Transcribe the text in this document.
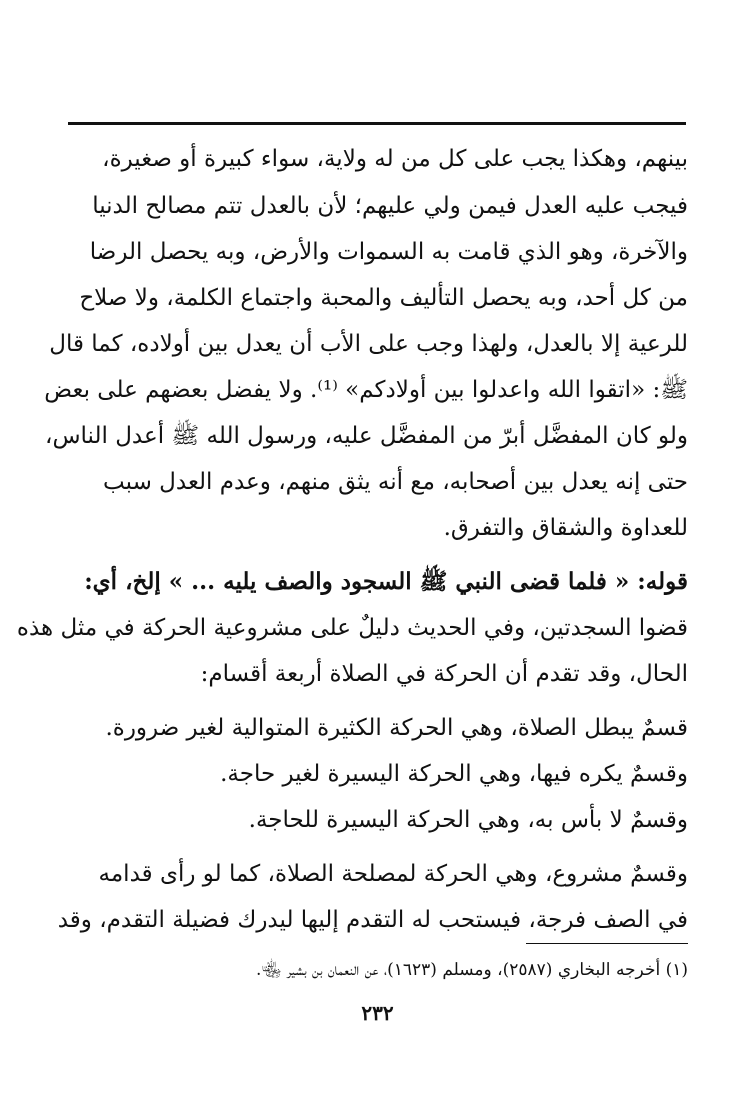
بينهم، وهكذا يجب على كل من له ولاية، سواء كبيرة أو صغيرة،
فيجب عليه العدل فيمن ولي عليهم؛ لأن بالعدل تتم مصالح الدنيا
والآخرة، وهو الذي قامت به السموات والأرض، وبه يحصل الرضا
من كل أحد، وبه يحصل التأليف والمحبة واجتماع الكلمة، ولا صلاح
للرعية إلا بالعدل، ولهذا وجب على الأب أن يعدل بين أولاده، كما قال
ﷺ: «اتقوا الله واعدلوا بين أولادكم» ⁽¹⁾. ولا يفضل بعضهم على بعض
ولو كان المفضَّل أبرّ من المفضَّل عليه، ورسول الله ﷺ أعدل الناس،
حتى إنه يعدل بين أصحابه، مع أنه يثق منهم، وعدم العدل سبب
للعداوة والشقاق والتفرق.
قوله: « فلما قضى النبي ﷺ السجود والصف يليه ... » إلخ، أي:
قضوا السجدتين، وفي الحديث دليلٌ على مشروعية الحركة في مثل هذه
الحال، وقد تقدم أن الحركة في الصلاة أربعة أقسام:
قسمٌ يبطل الصلاة، وهي الحركة الكثيرة المتوالية لغير ضرورة.
وقسمٌ يكره فيها، وهي الحركة اليسيرة لغير حاجة.
وقسمٌ لا بأس به، وهي الحركة اليسيرة للحاجة.
وقسمٌ مشروع، وهي الحركة لمصلحة الصلاة، كما لو رأى قدامه
في الصف فرجة، فيستحب له التقدم إليها ليدرك فضيلة التقدم، وقد
(١) أخرجه البخاري (٢٥٨٧)، ومسلم (١٦٢٣)، عن النعمان بن بشير ﵄.
٢٣٢
